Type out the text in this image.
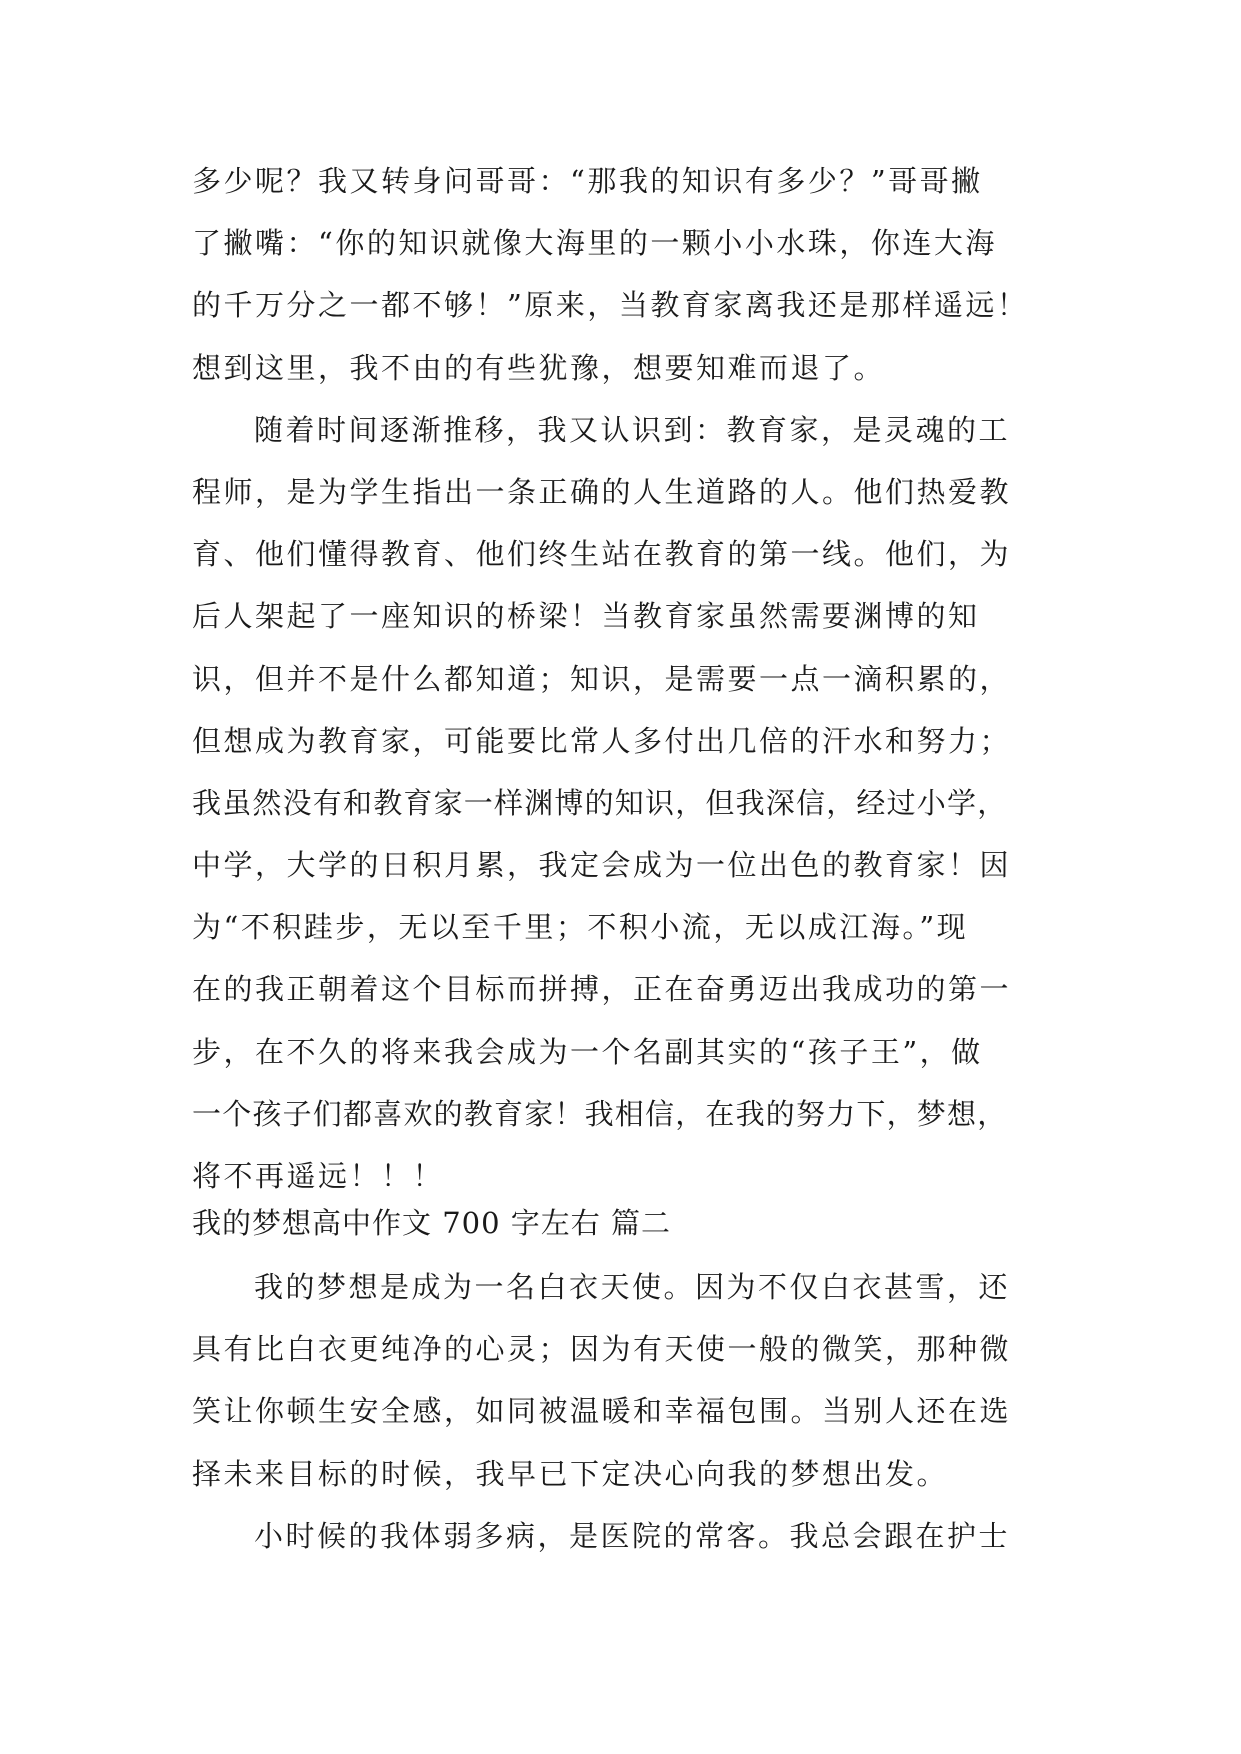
多少呢？我又转身问哥哥：“那我的知识有多少？”哥哥撇
了撇嘴：“你的知识就像大海里的一颗小小水珠，你连大海
的千万分之一都不够！”原来，当教育家离我还是那样遥远！
想到这里，我不由的有些犹豫，想要知难而退了。
随着时间逐渐推移，我又认识到：教育家，是灵魂的工
程师，是为学生指出一条正确的人生道路的人。他们热爱教
育、他们懂得教育、他们终生站在教育的第一线。他们，为
后人架起了一座知识的桥梁！当教育家虽然需要渊博的知
识，但并不是什么都知道；知识，是需要一点一滴积累的，
但想成为教育家，可能要比常人多付出几倍的汗水和努力；
我虽然没有和教育家一样渊博的知识，但我深信，经过小学，
中学，大学的日积月累，我定会成为一位出色的教育家！因
为“不积跬步，无以至千里；不积小流，无以成江海。”现
在的我正朝着这个目标而拼搏，正在奋勇迈出我成功的第一
步，在不久的将来我会成为一个名副其实的“孩子王”，做
一个孩子们都喜欢的教育家！我相信，在我的努力下，梦想，
将不再遥远！！！
我的梦想高中作文 700 字左右 篇二
我的梦想是成为一名白衣天使。因为不仅白衣甚雪，还
具有比白衣更纯净的心灵；因为有天使一般的微笑，那种微
笑让你顿生安全感，如同被温暖和幸福包围。当别人还在选
择未来目标的时候，我早已下定决心向我的梦想出发。
小时候的我体弱多病，是医院的常客。我总会跟在护士
